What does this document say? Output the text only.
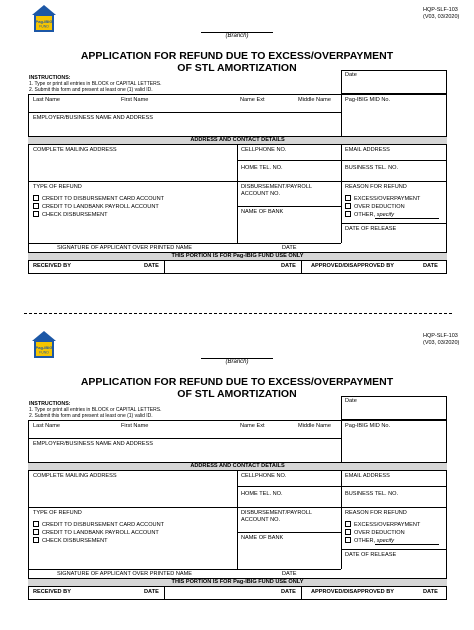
Pag-IBIG
FUND
(Branch)
HQP-SLF-103
(V03, 03/2020)
APPLICATION FOR REFUND DUE TO EXCESS/OVERPAYMENT
OF STL AMORTIZATION
INSTRUCTIONS:
1. Type or print all entries in BLOCK or CAPITAL LETTERS.
2. Submit this form and present at least one (1) valid ID.
Date
Last Name	First Name	Name Ext	Middle Name	Pag-IBIG MID No.
EMPLOYER/BUSINESS NAME AND ADDRESS
ADDRESS AND CONTACT DETAILS
COMPLETE MAILING ADDRESS	CELLPHONE NO.	EMAIL ADDRESS
HOME TEL. NO.	BUSINESS TEL. NO.
TYPE OF REFUND
CREDIT TO DISBURSEMENT CARD ACCOUNT
CREDIT TO LANDBANK PAYROLL ACCOUNT
CHECK DISBURSEMENT
DISBURSEMENT/PAYROLL
ACCOUNT NO.
NAME OF BANK
REASON FOR REFUND
EXCESS/OVERPAYMENT
OVER DEDUCTION
OTHER, specify
DATE OF RELEASE
SIGNATURE OF APPLICANT OVER PRINTED NAME	DATE
THIS PORTION IS FOR Pag-IBIG FUND USE ONLY
RECEIVED BY	DATE	DATE	APPROVED/DISAPPROVED BY	DATE
Pag-IBIG
FUND
(Branch)
HQP-SLF-103
(V03, 03/2020)
APPLICATION FOR REFUND DUE TO EXCESS/OVERPAYMENT
OF STL AMORTIZATION
INSTRUCTIONS:
1. Type or print all entries in BLOCK or CAPITAL LETTERS.
2. Submit this form and present at least one (1) valid ID.
Date
Last Name	First Name	Name Ext	Middle Name	Pag-IBIG MID No.
EMPLOYER/BUSINESS NAME AND ADDRESS
ADDRESS AND CONTACT DETAILS
COMPLETE MAILING ADDRESS	CELLPHONE NO.	EMAIL ADDRESS
HOME TEL. NO.	BUSINESS TEL. NO.
TYPE OF REFUND
CREDIT TO DISBURSEMENT CARD ACCOUNT
CREDIT TO LANDBANK PAYROLL ACCOUNT
CHECK DISBURSEMENT
DISBURSEMENT/PAYROLL
ACCOUNT NO.
NAME OF BANK
REASON FOR REFUND
EXCESS/OVERPAYMENT
OVER DEDUCTION
OTHER, specify
DATE OF RELEASE
SIGNATURE OF APPLICANT OVER PRINTED NAME	DATE
THIS PORTION IS FOR Pag-IBIG FUND USE ONLY
RECEIVED BY	DATE	DATE	APPROVED/DISAPPROVED BY	DATE
